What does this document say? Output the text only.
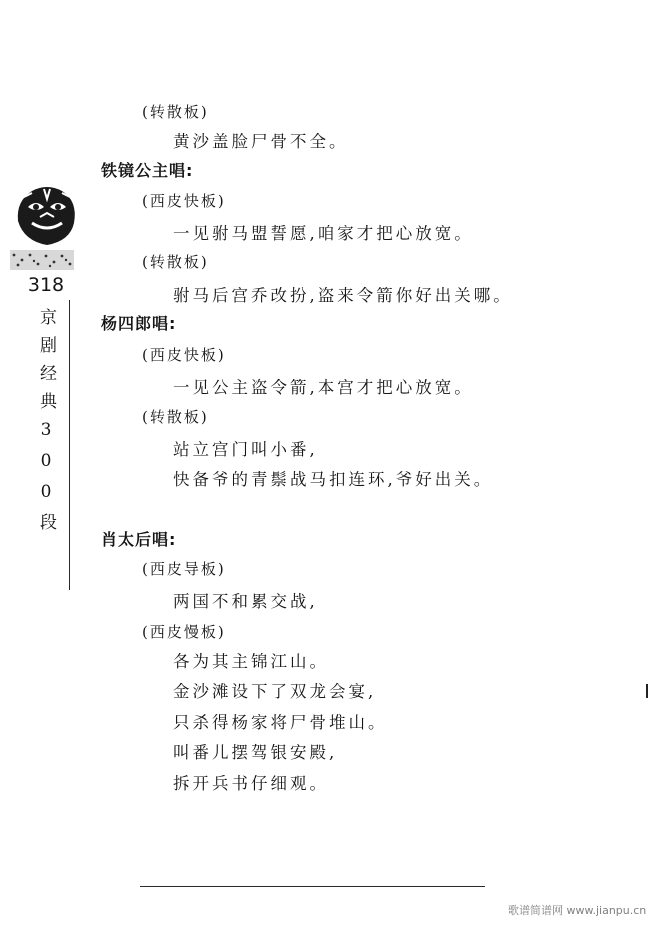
318
京剧经典300段
(转散板)
黄沙盖脸尸骨不全。
铁镜公主唱:
(西皮快板)
一见驸马盟誓愿,咱家才把心放宽。
(转散板)
驸马后宫乔改扮,盗来令箭你好出关哪。
杨四郎唱:
(西皮快板)
一见公主盗令箭,本宫才把心放宽。
(转散板)
站立宫门叫小番,
快备爷的青鬃战马扣连环,爷好出关。
肖太后唱:
(西皮导板)
两国不和累交战,
(西皮慢板)
各为其主锦江山。
金沙滩设下了双龙会宴,
只杀得杨家将尸骨堆山。
叫番儿摆驾银安殿,
拆开兵书仔细观。
歌谱简谱网 www.jianpu.cn
